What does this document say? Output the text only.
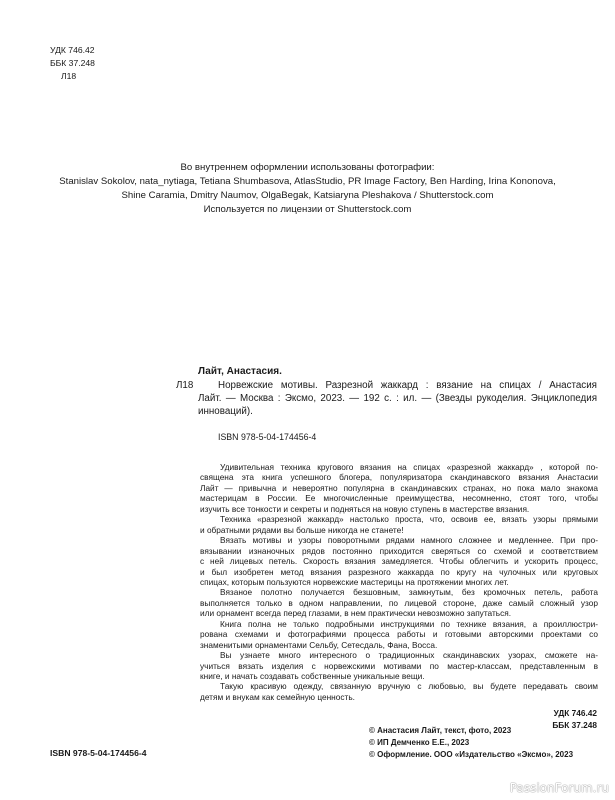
УДК 746.42
ББК 37.248
Л18
Во внутреннем оформлении использованы фотографии:
Stanislav Sokolov, nata_nytiaga, Tetiana Shumbasova, AtlasStudio, PR Image Factory, Ben Harding, Irina Kononova,
Shine Caramia, Dmitry Naumov, OlgaBegak, Katsiaryna Pleshakova / Shutterstock.com
Используется по лицензии от Shutterstock.com
Лайт, Анастасия.
Л18	Норвежские мотивы. Разрезной жаккард : вязание на спицах / Анастасия
Лайт. — Москва : Эксмо, 2023. — 192 с. : ил. — (Звезды рукоделия. Энциклопедия
инноваций).
ISBN 978-5-04-174456-4
Удивительная техника кругового вязания на спицах «разрезной жаккард» , которой по-
священа эта книга успешного блогера, популяризатора скандинавского вязания Анастасии
Лайт — привычна и невероятно популярна в скандинавских странах, но пока мало знакома
мастерицам в России. Ее многочисленные преимущества, несомненно, стоят того, чтобы
изучить все тонкости и секреты и подняться на новую ступень в мастерстве вязания.
Техника «разрезной жаккард» настолько проста, что, освоив ее, вязать узоры прямыми
и обратными рядами вы больше никогда не станете!
Вязать мотивы и узоры поворотными рядами намного сложнее и медленнее. При про-
вязывании изнаночных рядов постоянно приходится сверяться со схемой и соответствием
с ней лицевых петель. Скорость вязания замедляется. Чтобы облегчить и ускорить процесс,
и был изобретен метод вязания разрезного жаккарда по кругу на чулочных или круговых
спицах, которым пользуются норвежские мастерицы на протяжении многих лет.
Вязаное полотно получается безшовным, замкнутым, без кромочных петель, работа
выполняется только в одном направлении, по лицевой стороне, даже самый сложный узор
или орнамент всегда перед глазами, в нем практически невозможно запутаться.
Книга полна не только подробными инструкциями по технике вязания, а проиллюстри-
рована схемами и фотографиями процесса работы и готовыми авторскими проектами со
знаменитыми орнаментами Сельбу, Сетесдаль, Фана, Восса.
Вы узнаете много интересного о традиционных скандинавских узорах, сможете на-
учиться вязать изделия с норвежскими мотивами по мастер-классам, представленным в
книге, и начать создавать собственные уникальные вещи.
Такую красивую одежду, связанную вручную с любовью, вы будете передавать своим
детям и внукам как семейную ценность.
УДК 746.42
ББК 37.248
ISBN 978-5-04-174456-4
© Анастасия Лайт, текст, фото, 2023
© ИП Демченко Е.Е., 2023
© Оформление. ООО «Издательство «Эксмо», 2023
PassionForum.ru
